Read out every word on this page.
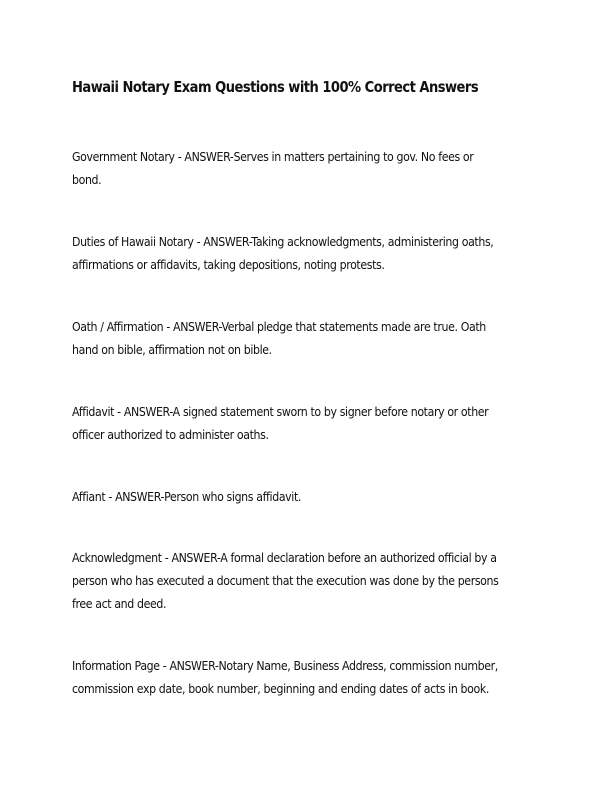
Hawaii Notary Exam Questions with 100% Correct Answers
Government Notary - ANSWER-Serves in matters pertaining to gov. No fees or
bond.
Duties of Hawaii Notary - ANSWER-Taking acknowledgments, administering oaths,
affirmations or affidavits, taking depositions, noting protests.
Oath / Affirmation - ANSWER-Verbal pledge that statements made are true. Oath
hand on bible, affirmation not on bible.
Affidavit - ANSWER-A signed statement sworn to by signer before notary or other
officer authorized to administer oaths.
Affiant - ANSWER-Person who signs affidavit.
Acknowledgment - ANSWER-A formal declaration before an authorized official by a
person who has executed a document that the execution was done by the persons
free act and deed.
Information Page - ANSWER-Notary Name, Business Address, commission number,
commission exp date, book number, beginning and ending dates of acts in book.
